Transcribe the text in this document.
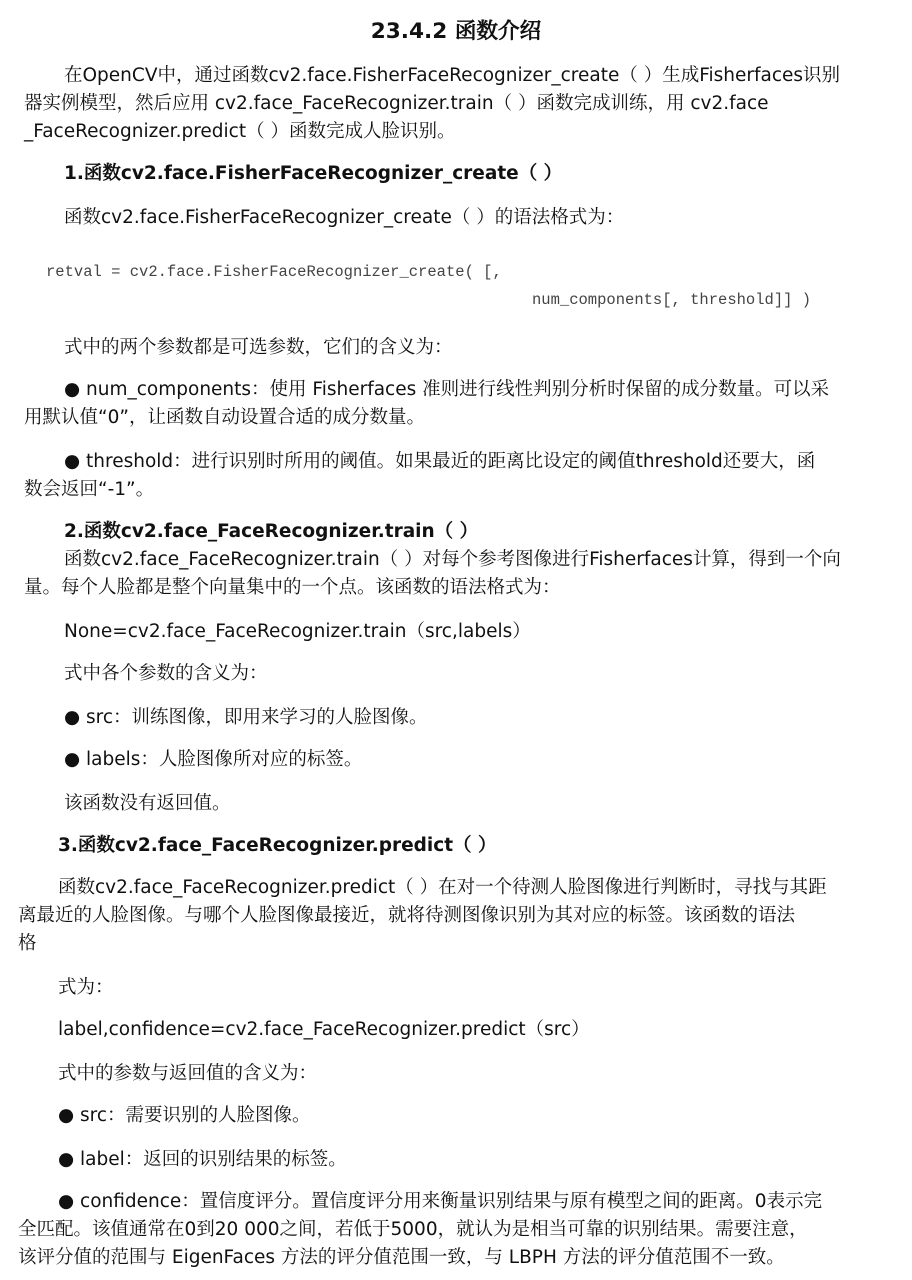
23.4.2 函数介绍
在OpenCV中，通过函数cv2.face.FisherFaceRecognizer_create（ ）生成Fisherfaces识别
器实例模型，然后应用 cv2.face_FaceRecognizer.train（ ）函数完成训练，用 cv2.face
_FaceRecognizer.predict（ ）函数完成人脸识别。
1.函数cv2.face.FisherFaceRecognizer_create（ ）
函数cv2.face.FisherFaceRecognizer_create（ ）的语法格式为：
retval = cv2.face.FisherFaceRecognizer_create( [,
num_components[, threshold]] )
式中的两个参数都是可选参数，它们的含义为：
● num_components：使用 Fisherfaces 准则进行线性判别分析时保留的成分数量。可以采
用默认值“0”，让函数自动设置合适的成分数量。
● threshold：进行识别时所用的阈值。如果最近的距离比设定的阈值threshold还要大，函
数会返回“-1”。
2.函数cv2.face_FaceRecognizer.train（ ）
函数cv2.face_FaceRecognizer.train（ ）对每个参考图像进行Fisherfaces计算，得到一个向
量。每个人脸都是整个向量集中的一个点。该函数的语法格式为：
None=cv2.face_FaceRecognizer.train（src,labels）
式中各个参数的含义为：
● src：训练图像，即用来学习的人脸图像。
● labels：人脸图像所对应的标签。
该函数没有返回值。
3.函数cv2.face_FaceRecognizer.predict（ ）
函数cv2.face_FaceRecognizer.predict（ ）在对一个待测人脸图像进行判断时，寻找与其距
离最近的人脸图像。与哪个人脸图像最接近，就将待测图像识别为其对应的标签。该函数的语法
格
式为：
label,confidence=cv2.face_FaceRecognizer.predict（src）
式中的参数与返回值的含义为：
● src：需要识别的人脸图像。
● label：返回的识别结果的标签。
● confidence：置信度评分。置信度评分用来衡量识别结果与原有模型之间的距离。0表示完
全匹配。该值通常在0到20 000之间，若低于5000，就认为是相当可靠的识别结果。需要注意，
该评分值的范围与 EigenFaces 方法的评分值范围一致，与 LBPH 方法的评分值范围不一致。
